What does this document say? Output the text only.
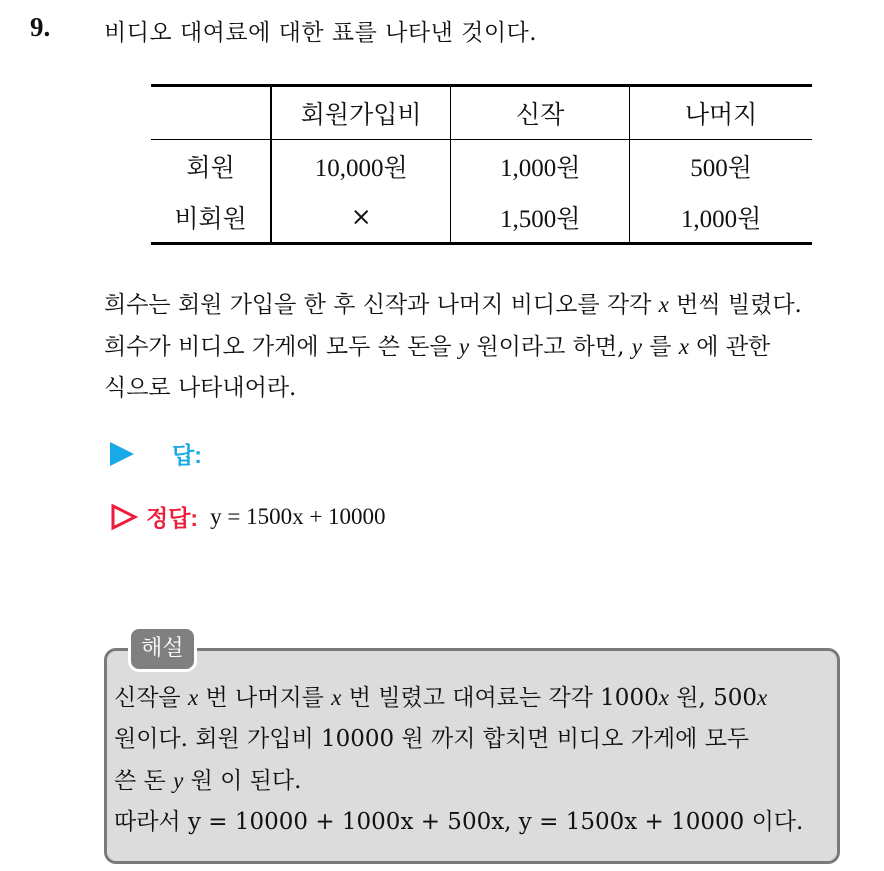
9. 비디오 대여료에 대한 표를 나타낸 것이다.
	회원가입비	신작	나머지
회원	10,000원	1,000원	500원
비회원	×	1,500원	1,000원
희수는 회원 가입을 한 후 신작과 나머지 비디오를 각각 x 번씩 빌렸다.
희수가 비디오 가게에 모두 쓴 돈을 y 원이라고 하면, y 를 x 에 관한
식으로 나타내어라.
답:
정답: y = 1500x + 10000
해설
신작을 x 번 나머지를 x 번 빌렸고 대여료는 각각 1000x 원, 500x
원이다. 회원 가입비 10000 원 까지 합치면 비디오 가게에 모두
쓴 돈 y 원 이 된다.
따라서 y = 10000 + 1000x + 500x, y = 1500x + 10000 이다.
